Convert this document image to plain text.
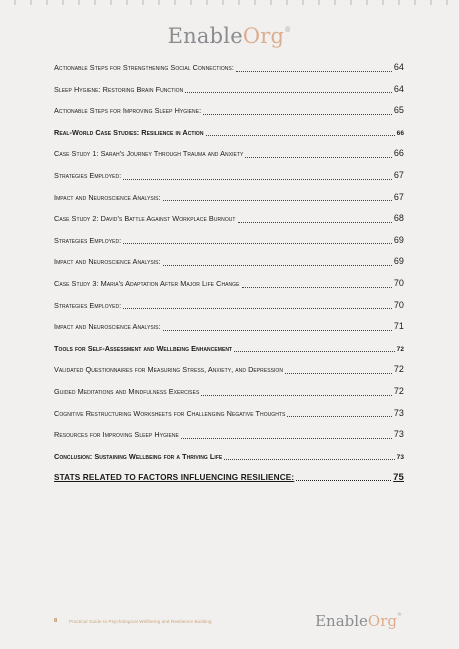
EnableOrg®
Actionable Steps for Strengthening Social Connections:	64
Sleep Hygiene: Restoring Brain Function	64
Actionable Steps for Improving Sleep Hygiene:	65
Real-World Case Studies: Resilience in Action	66
Case Study 1: Sarah's Journey Through Trauma and Anxiety	66
Strategies Employed:	67
Impact and Neuroscience Analysis:	67
Case Study 2: David's Battle Against Workplace Burnout	68
Strategies Employed:	69
Impact and Neuroscience Analysis:	69
Case Study 3: Maria's Adaptation After Major Life Change	70
Strategies Employed:	70
Impact and Neuroscience Analysis:	71
Tools for Self-Assessment and Wellbeing Enhancement	72
Validated Questionnaires for Measuring Stress, Anxiety, and Depression	72
Guided Meditations and Mindfulness Exercises	72
Cognitive Restructuring Worksheets for Challenging Negative Thoughts	73
Resources for Improving Sleep Hygiene	73
Conclusion: Sustaining Wellbeing for a Thriving Life	73
STATS RELATED TO FACTORS INFLUENCING RESILIENCE:	75
8	Practical Guide to Psychological Wellbeing and Resilience Building	EnableOrg®
